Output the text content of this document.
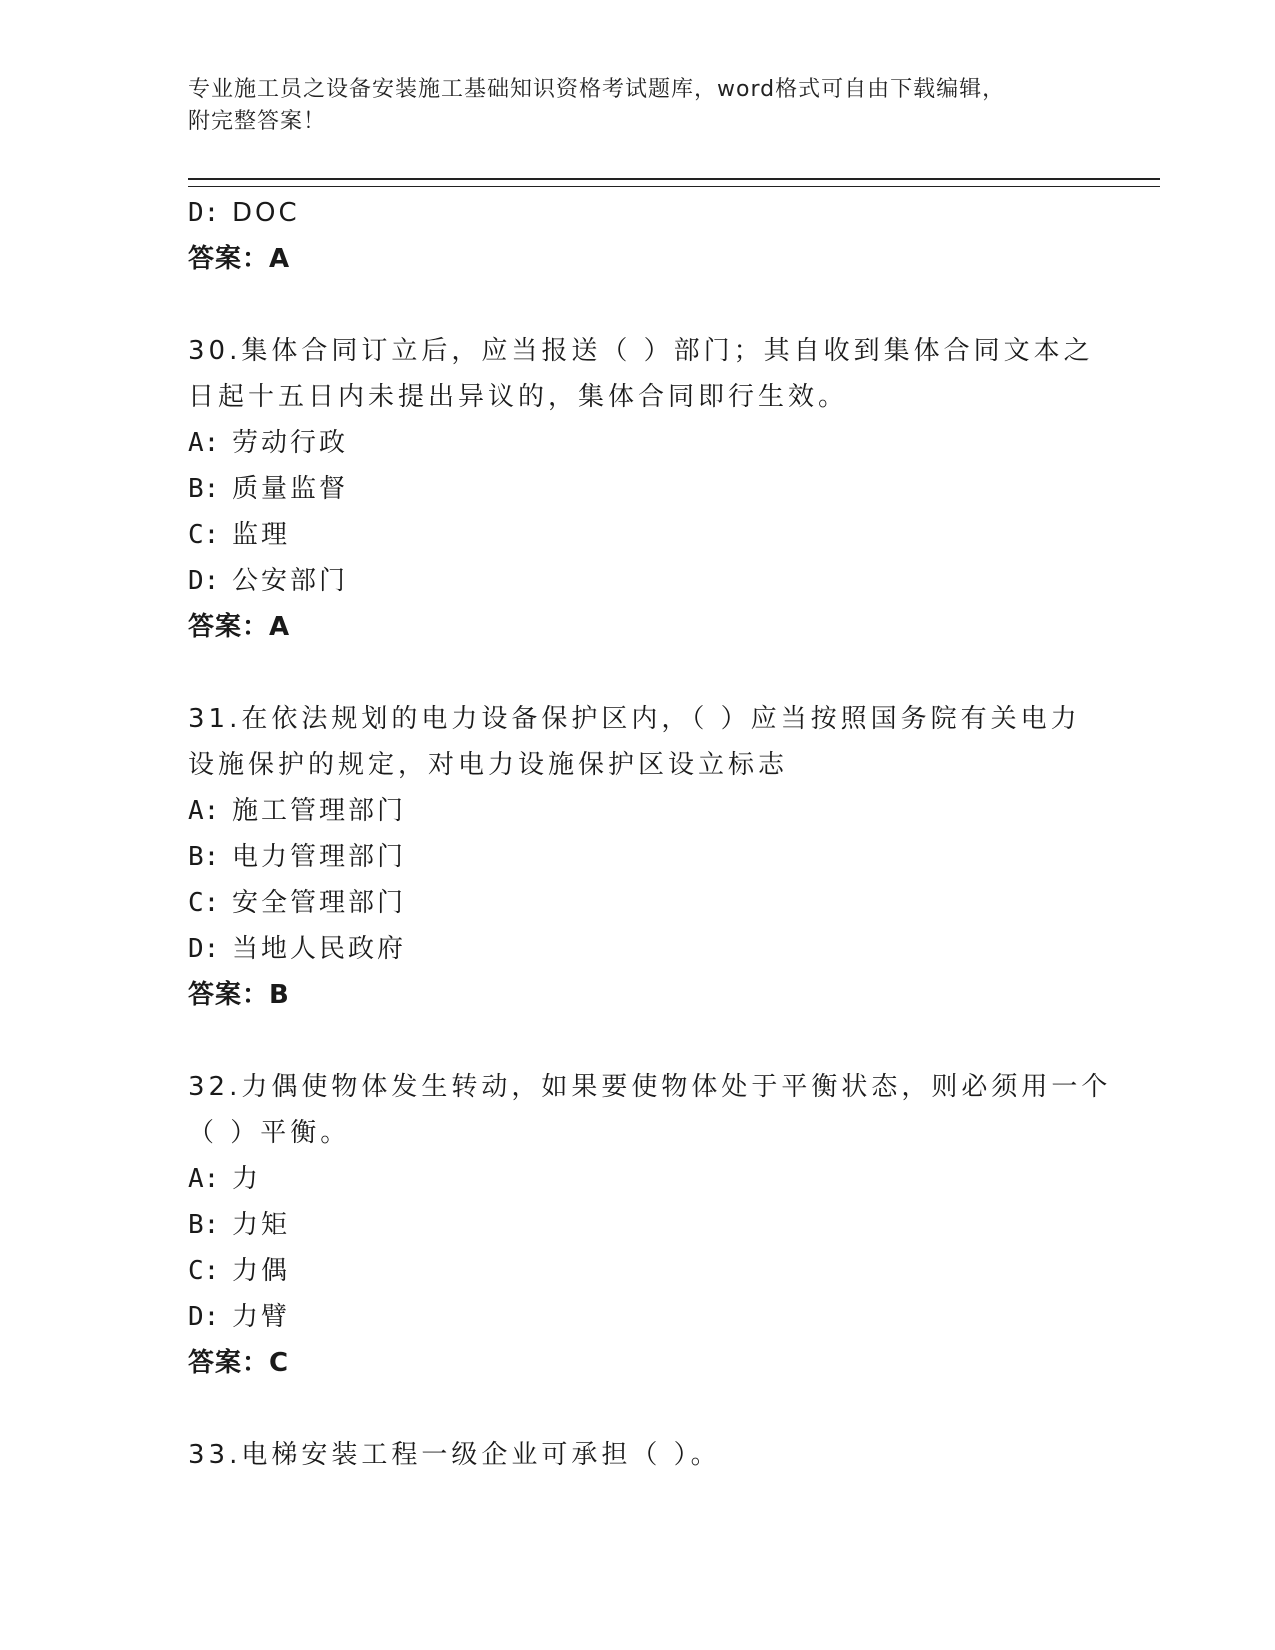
专业施工员之设备安装施工基础知识资格考试题库，word格式可自由下载编辑，
附完整答案！
D: DOC
答案：A
30.集体合同订立后，应当报送（ ）部门；其自收到集体合同文本之
日起十五日内未提出异议的，集体合同即行生效。
A: 劳动行政
B: 质量监督
C: 监理
D: 公安部门
答案：A
31.在依法规划的电力设备保护区内，（ ）应当按照国务院有关电力
设施保护的规定，对电力设施保护区设立标志
A: 施工管理部门
B: 电力管理部门
C: 安全管理部门
D: 当地人民政府
答案：B
32.力偶使物体发生转动，如果要使物体处于平衡状态，则必须用一个
（ ）平衡。
A: 力
B: 力矩
C: 力偶
D: 力臂
答案：C
33.电梯安装工程一级企业可承担（ ）。
